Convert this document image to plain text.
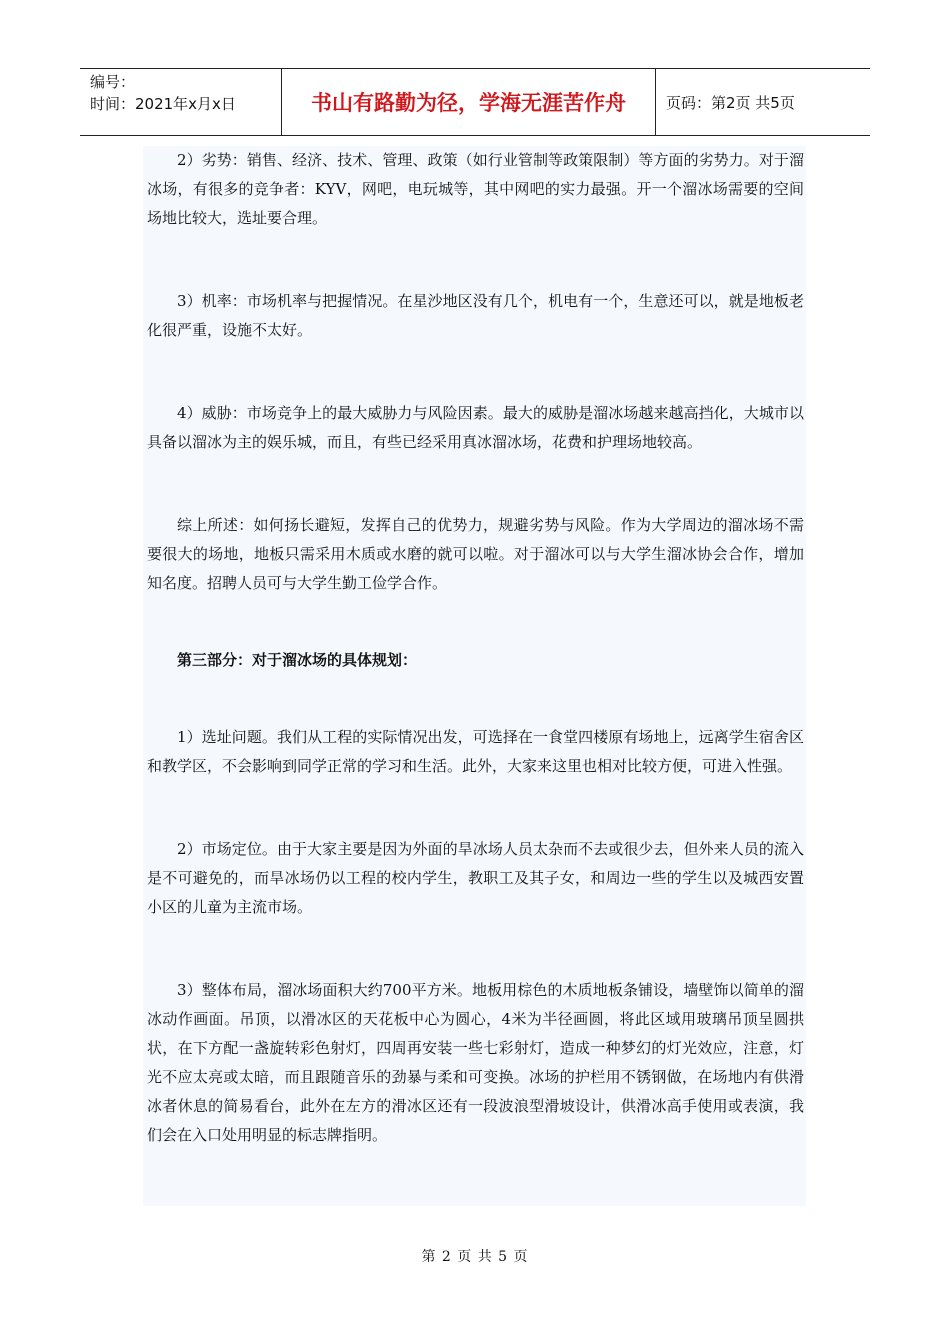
编号：
时间：2021年x月x日	书山有路勤为径，学海无涯苦作舟	页码：第2页 共5页

2）劣势：销售、经济、技术、管理、政策（如行业管制等政策限制）等方面的劣势力。对于溜冰场，有很多的竞争者：KYV，网吧，电玩城等，其中网吧的实力最强。开一个溜冰场需要的空间场地比较大，选址要合理。

3）机率：市场机率与把握情况。在星沙地区没有几个，机电有一个，生意还可以，就是地板老化很严重，设施不太好。

4）威胁：市场竞争上的最大威胁力与风险因素。最大的威胁是溜冰场越来越高挡化，大城市以具备以溜冰为主的娱乐城，而且，有些已经采用真冰溜冰场，花费和护理场地较高。

综上所述：如何扬长避短，发挥自己的优势力，规避劣势与风险。作为大学周边的溜冰场不需要很大的场地，地板只需采用木质或水磨的就可以啦。对于溜冰可以与大学生溜冰协会合作，增加知名度。招聘人员可与大学生勤工俭学合作。

第三部分：对于溜冰场的具体规划：

1）选址问题。我们从工程的实际情况出发，可选择在一食堂四楼原有场地上，远离学生宿舍区和教学区，不会影响到同学正常的学习和生活。此外，大家来这里也相对比较方便，可进入性强。

2）市场定位。由于大家主要是因为外面的旱冰场人员太杂而不去或很少去，但外来人员的流入是不可避免的，而旱冰场仍以工程的校内学生，教职工及其子女，和周边一些的学生以及城西安置小区的儿童为主流市场。

3）整体布局，溜冰场面积大约700平方米。地板用棕色的木质地板条铺设，墙壁饰以简单的溜冰动作画面。吊顶，以滑冰区的天花板中心为圆心，4米为半径画圆，将此区域用玻璃吊顶呈圆拱状，在下方配一盏旋转彩色射灯，四周再安装一些七彩射灯，造成一种梦幻的灯光效应，注意，灯光不应太亮或太暗，而且跟随音乐的劲暴与柔和可变换。冰场的护栏用不锈钢做，在场地内有供滑冰者休息的简易看台，此外在左方的滑冰区还有一段波浪型滑坡设计，供滑冰高手使用或表演，我们会在入口处用明显的标志牌指明。

第 2 页 共 5 页
